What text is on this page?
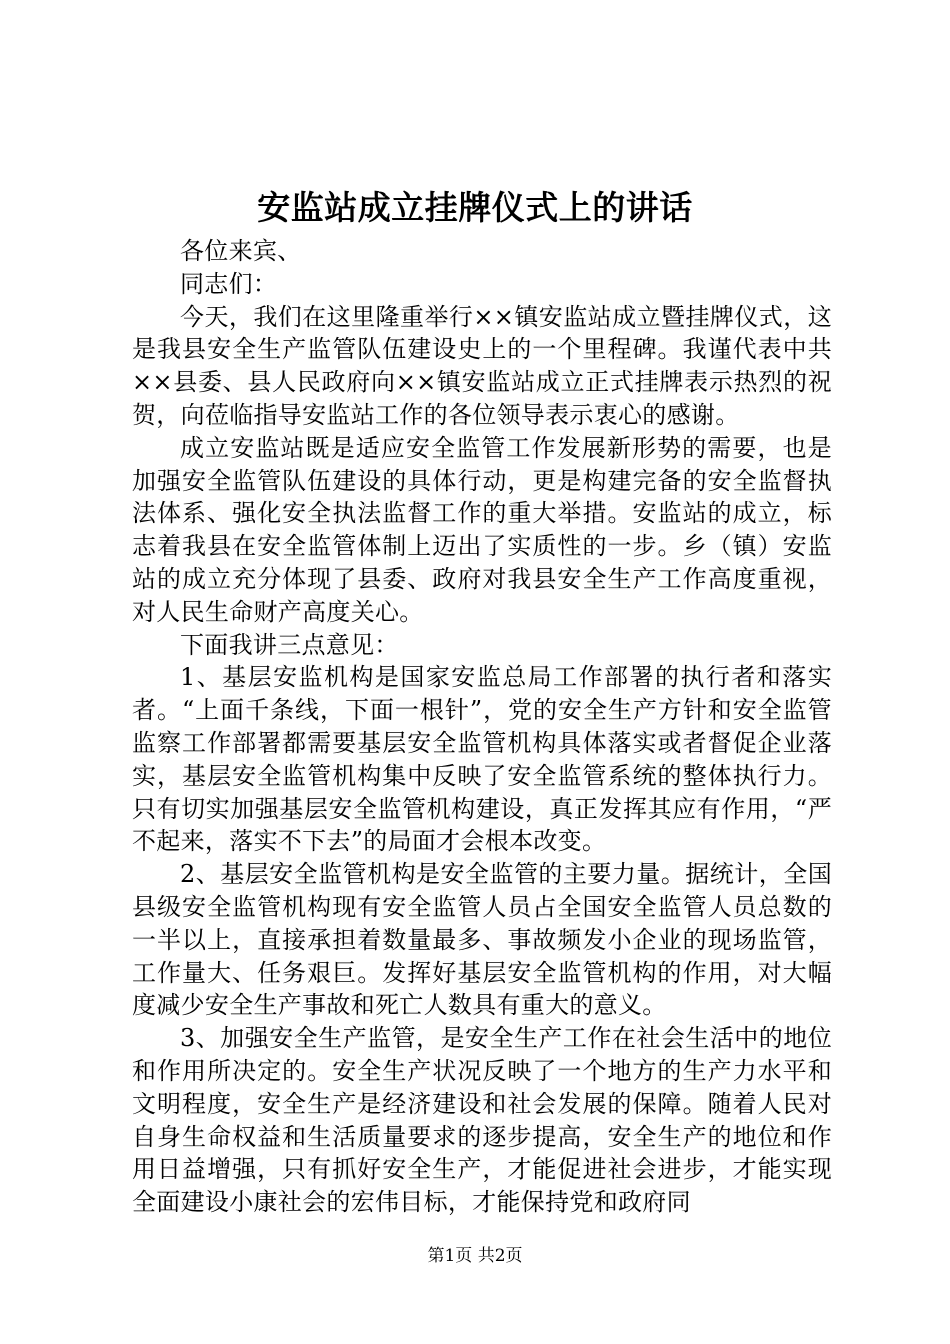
安监站成立挂牌仪式上的讲话

各位来宾、

同志们：

今天，我们在这里隆重举行××镇安监站成立暨挂牌仪式，这是我县安全生产监管队伍建设史上的一个里程碑。我谨代表中共××县委、县人民政府向××镇安监站成立正式挂牌表示热烈的祝贺，向莅临指导安监站工作的各位领导表示衷心的感谢。

成立安监站既是适应安全监管工作发展新形势的需要，也是加强安全监管队伍建设的具体行动，更是构建完备的安全监督执法体系、强化安全执法监督工作的重大举措。安监站的成立，标志着我县在安全监管体制上迈出了实质性的一步。乡（镇）安监站的成立充分体现了县委、政府对我县安全生产工作高度重视，对人民生命财产高度关心。

下面我讲三点意见：

1、基层安监机构是国家安监总局工作部署的执行者和落实者。“上面千条线，下面一根针”，党的安全生产方针和安全监管监察工作部署都需要基层安全监管机构具体落实或者督促企业落实，基层安全监管机构集中反映了安全监管系统的整体执行力。只有切实加强基层安全监管机构建设，真正发挥其应有作用，“严不起来，落实不下去”的局面才会根本改变。

2、基层安全监管机构是安全监管的主要力量。据统计，全国县级安全监管机构现有安全监管人员占全国安全监管人员总数的一半以上，直接承担着数量最多、事故频发小企业的现场监管，工作量大、任务艰巨。发挥好基层安全监管机构的作用，对大幅度减少安全生产事故和死亡人数具有重大的意义。

3、加强安全生产监管，是安全生产工作在社会生活中的地位和作用所决定的。安全生产状况反映了一个地方的生产力水平和文明程度，安全生产是经济建设和社会发展的保障。随着人民对自身生命权益和生活质量要求的逐步提高，安全生产的地位和作用日益增强，只有抓好安全生产，才能促进社会进步，才能实现全面建设小康社会的宏伟目标，才能保持党和政府同

第1页 共2页
